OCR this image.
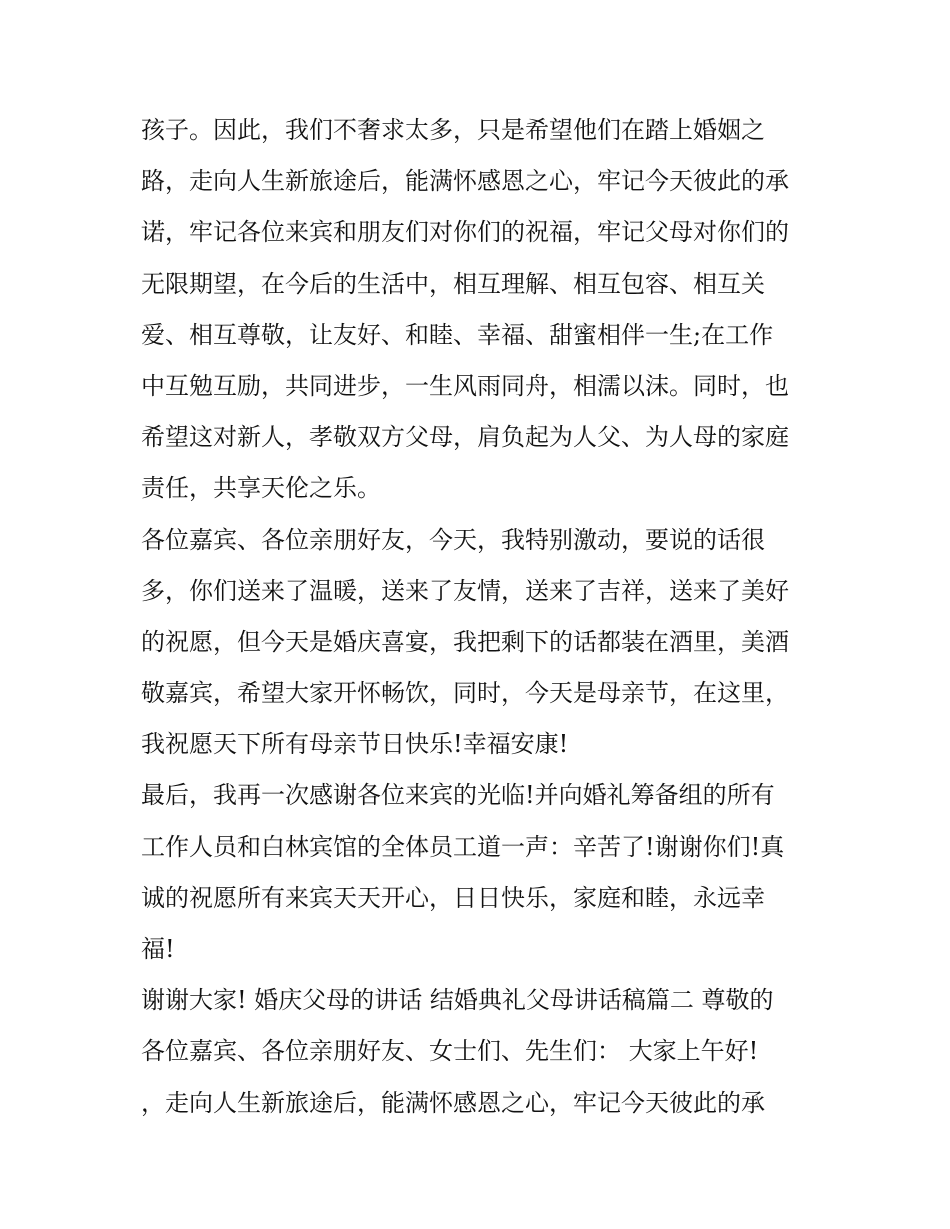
孩子。因此，我们不奢求太多，只是希望他们在踏上婚姻之
路，走向人生新旅途后，能满怀感恩之心，牢记今天彼此的承
诺，牢记各位来宾和朋友们对你们的祝福，牢记父母对你们的
无限期望，在今后的生活中，相互理解、相互包容、相互关
爱、相互尊敬，让友好、和睦、幸福、甜蜜相伴一生;在工作
中互勉互励，共同进步，一生风雨同舟，相濡以沫。同时，也
希望这对新人，孝敬双方父母，肩负起为人父、为人母的家庭
责任，共享天伦之乐。
各位嘉宾、各位亲朋好友，今天，我特别激动，要说的话很
多，你们送来了温暖，送来了友情，送来了吉祥，送来了美好
的祝愿，但今天是婚庆喜宴，我把剩下的话都装在酒里，美酒
敬嘉宾，希望大家开怀畅饮，同时，今天是母亲节，在这里，
我祝愿天下所有母亲节日快乐!幸福安康!
最后，我再一次感谢各位来宾的光临!并向婚礼筹备组的所有
工作人员和白林宾馆的全体员工道一声：辛苦了!谢谢你们!真
诚的祝愿所有来宾天天开心，日日快乐，家庭和睦，永远幸
福!
谢谢大家! 婚庆父母的讲话 结婚典礼父母讲话稿篇二 尊敬的
各位嘉宾、各位亲朋好友、女士们、先生们： 大家上午好!
，走向人生新旅途后，能满怀感恩之心，牢记今天彼此的承
